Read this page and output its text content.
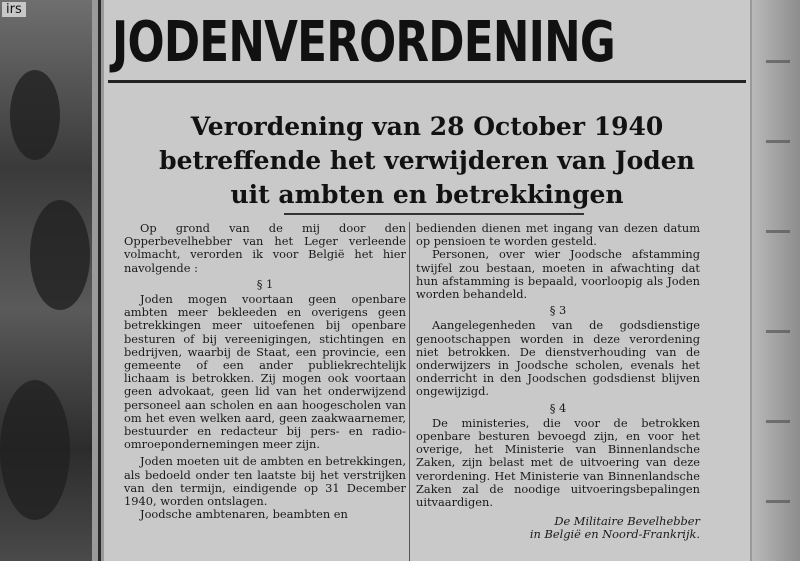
irs
JODENVERORDENING
Verordening van 28 October 1940
betreffende het verwijderen van Joden
uit ambten en betrekkingen

Op grond van de mij door den Opperbevelhebber van het Leger verleende volmacht, verorden ik voor België het hier navolgende :

§ 1

Joden mogen voortaan geen openbare ambten meer bekleeden en overigens geen betrekkingen meer uitoefenen bij openbare besturen of bij vereenigingen, stichtingen en bedrijven, waarbij de Staat, een provincie, een gemeente of een ander publiekrechtelijk lichaam is betrokken. Zij mogen ook voortaan geen advokaat, geen lid van het onderwijzend personeel aan scholen en aan hoogescholen van om het even welken aard, geen zaakwaarnemer, bestuurder en redacteur bij pers- en radio-omroepondernemingen meer zijn.

Joden moeten uit de ambten en betrekkingen, als bedoeld onder ten laatste bij het verstrijken van den termijn, eindigende op 31 December 1940, worden ontslagen.

Joodsche ambtenaren, beambten en

bedienden dienen met ingang van dezen datum op pensioen te worden gesteld.

Personen, over wier Joodsche afstamming twijfel zou bestaan, moeten in afwachting dat hun afstamming is bepaald, voorloopig als Joden worden behandeld.

§ 3

Aangelegenheden van de godsdienstige genootschappen worden in deze verordening niet betrokken. De dienstverhouding van de onderwijzers in Joodsche scholen, evenals het onderricht in den Joodschen godsdienst blijven ongewijzigd.

§ 4

De ministeries, die voor de betrokken openbare besturen bevoegd zijn, en voor het overige, het Ministerie van Binnenlandsche Zaken, zijn belast met de uitvoering van deze verordening. Het Ministerie van Binnenlandsche Zaken zal de noodige uitvoeringsbepalingen uitvaardigen.

De Militaire Bevelhebber

in België en Noord-Frankrijk.
